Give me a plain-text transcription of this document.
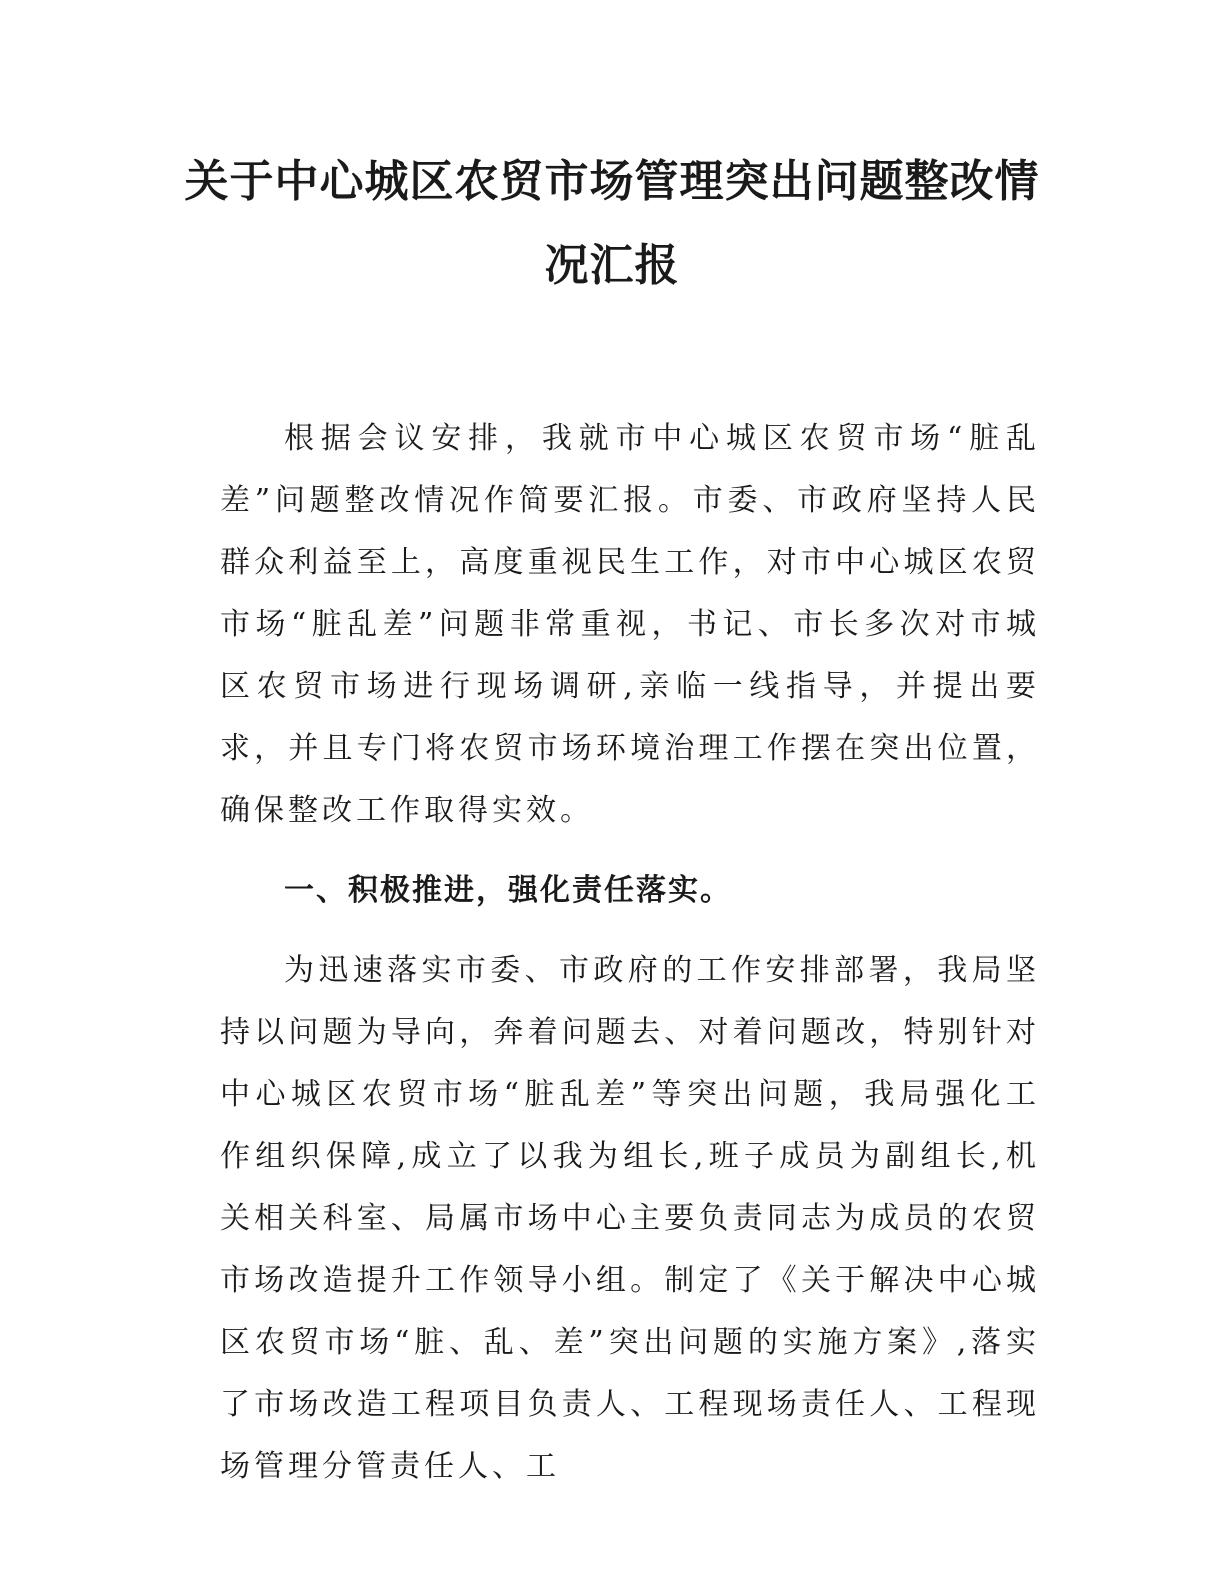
关于中心城区农贸市场管理突出问题整改情
况汇报

根据会议安排，我就市中心城区农贸市场“脏乱差”问题整改情况作简要汇报。市委、市政府坚持人民群众利益至上，高度重视民生工作，对市中心城区农贸市场“脏乱差”问题非常重视，书记、市长多次对市城区农贸市场进行现场调研,亲临一线指导，并提出要求，并且专门将农贸市场环境治理工作摆在突出位置，确保整改工作取得实效。

一、积极推进，强化责任落实。

为迅速落实市委、市政府的工作安排部署，我局坚持以问题为导向，奔着问题去、对着问题改，特别针对中心城区农贸市场“脏乱差”等突出问题，我局强化工作组织保障,成立了以我为组长,班子成员为副组长,机关相关科室、局属市场中心主要负责同志为成员的农贸市场改造提升工作领导小组。制定了《关于解决中心城区农贸市场“脏、乱、差”突出问题的实施方案》,落实了市场改造工程项目负责人、工程现场责任人、工程现场管理分管责任人、工
